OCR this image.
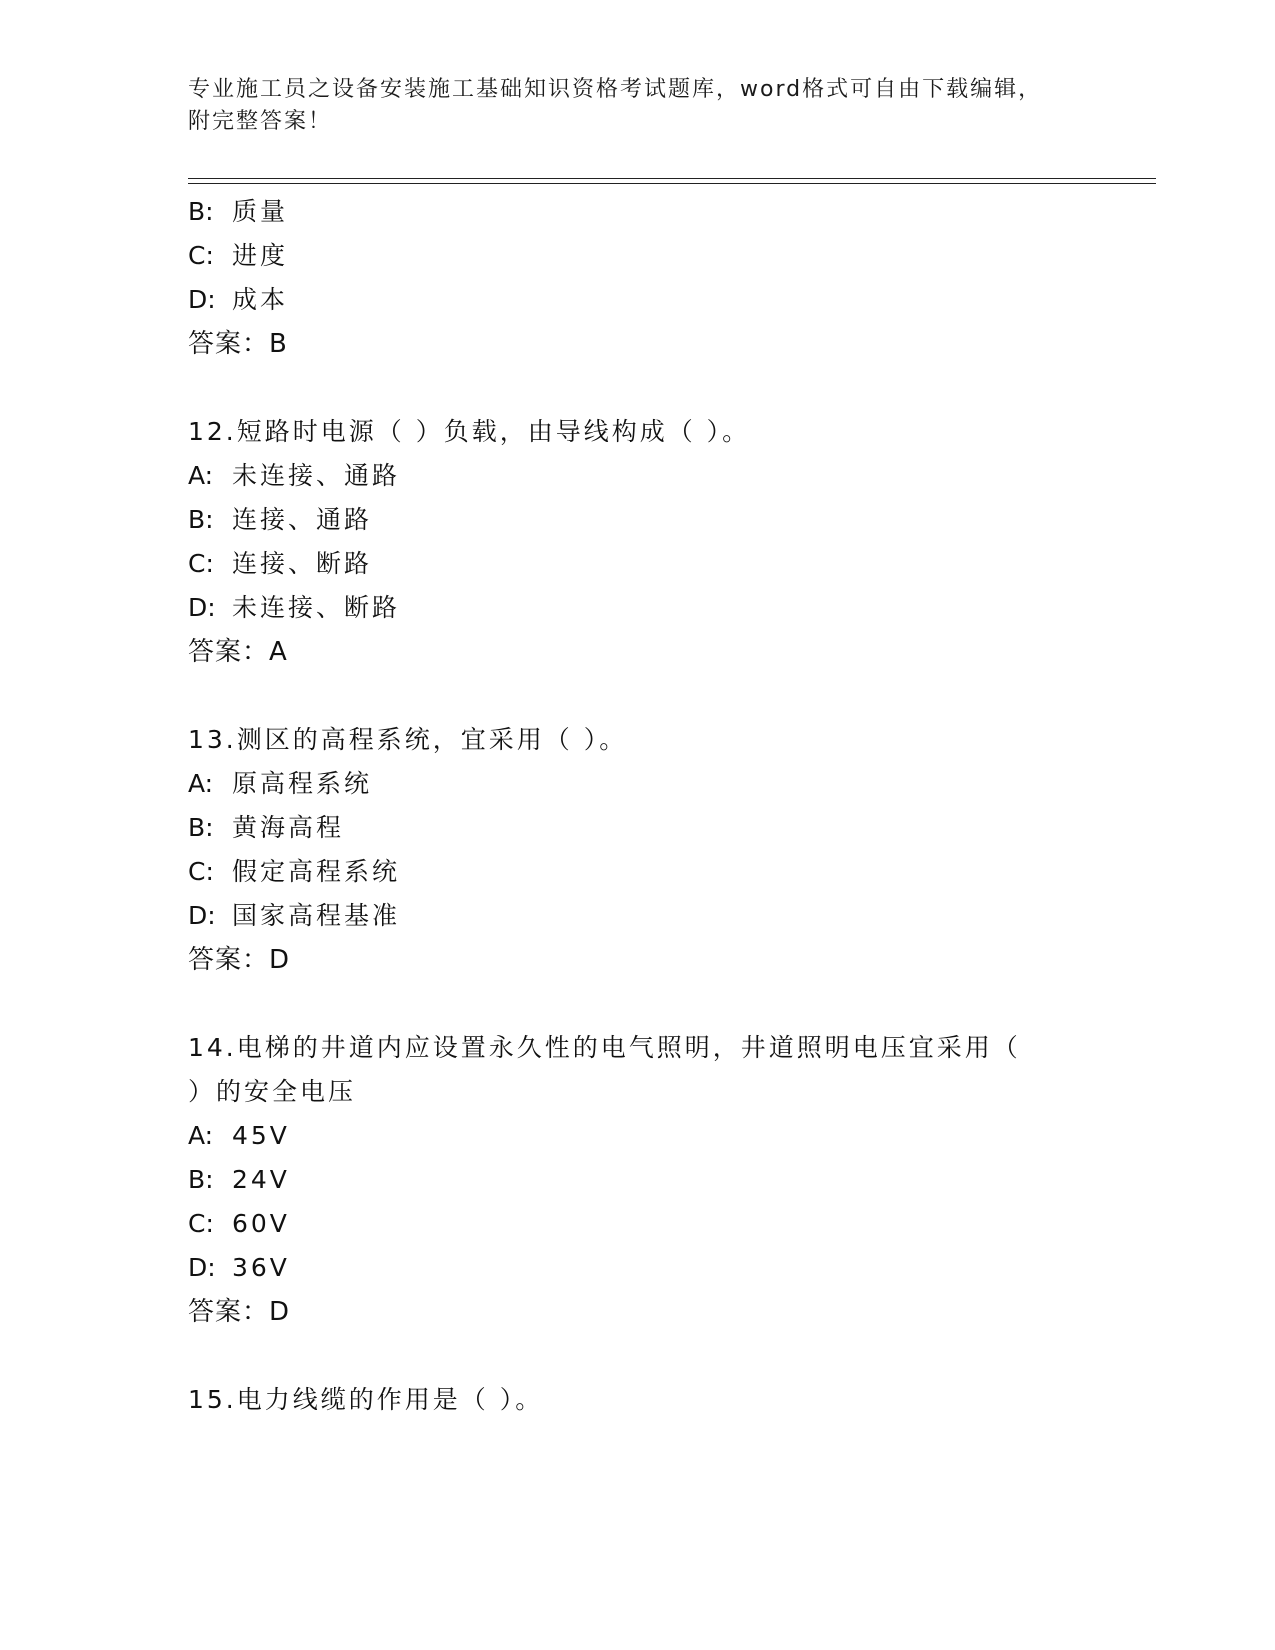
专业施工员之设备安装施工基础知识资格考试题库，word格式可自由下载编辑，
附完整答案！
B: 质量
C: 进度
D: 成本
答案：B
12.短路时电源（ ）负载，由导线构成（ ）。
A: 未连接、通路
B: 连接、通路
C: 连接、断路
D: 未连接、断路
答案：A
13.测区的高程系统，宜采用（ ）。
A: 原高程系统
B: 黄海高程
C: 假定高程系统
D: 国家高程基准
答案：D
14.电梯的井道内应设置永久性的电气照明，井道照明电压宜采用（
）的安全电压
A: 45V
B: 24V
C: 60V
D: 36V
答案：D
15.电力线缆的作用是（ ）。
